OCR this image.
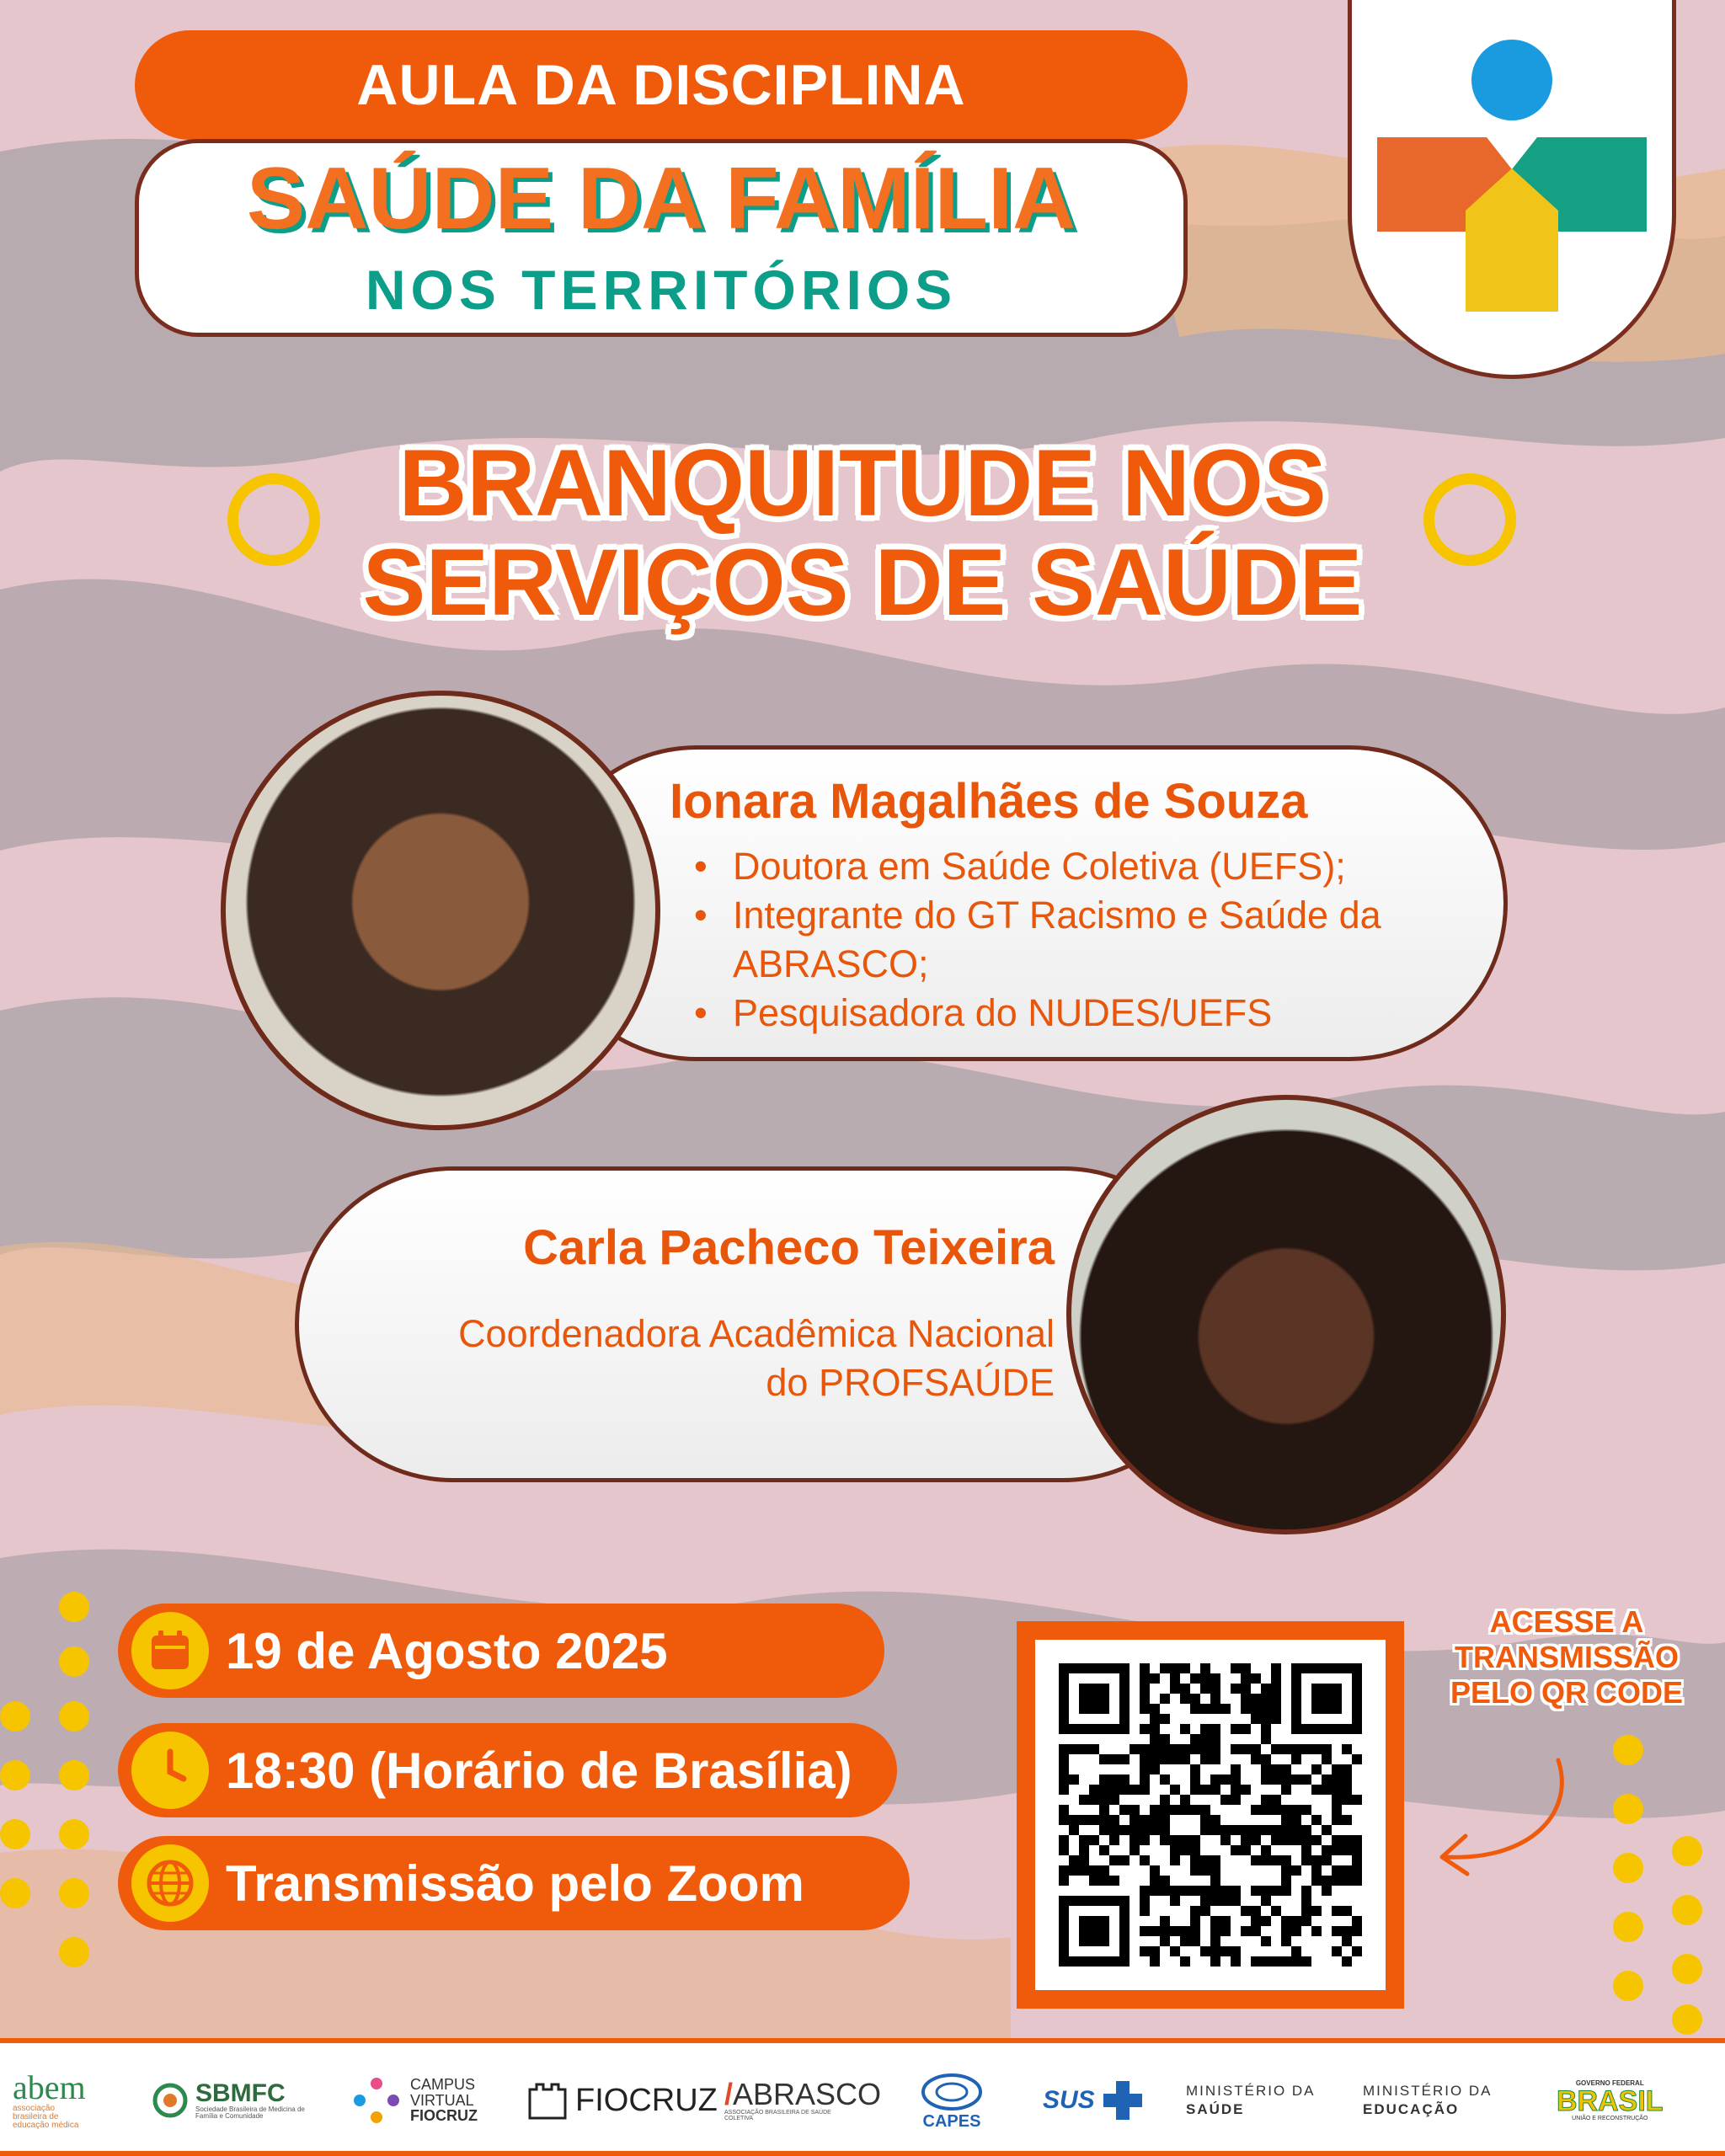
AULA DA DISCIPLINA
SAÚDE DA FAMÍLIA
NOS TERRITÓRIOS
BRANQUITUDE NOS
SERVIÇOS DE SAÚDE
Ionara Magalhães de Souza
• Doutora em Saúde Coletiva (UEFS);
• Integrante do GT Racismo e Saúde da ABRASCO;
• Pesquisadora do NUDES/UEFS
Carla Pacheco Teixeira
Coordenadora Acadêmica Nacional
do PROFSAÚDE
19 de Agosto 2025
18:30 (Horário de Brasília)
Transmissão pelo Zoom
ACESSE A
TRANSMISSÃO
PELO QR CODE
abem
associação brasileira de educação médica
SBMFC
Sociedade Brasileira de Medicina de Família e Comunidade
CAMPUS
VIRTUAL
FIOCRUZ	FIOCRUZ /ABRASCO
ASSOCIAÇÃO BRASILEIRA DE SAÚDE COLETIVA	CAPES
SUS	MINISTÉRIO DA
SAÚDE
MINISTÉRIO DA
EDUCAÇÃO
GOVERNO FEDERAL
BRASIL
UNIÃO E RECONSTRUÇÃO
